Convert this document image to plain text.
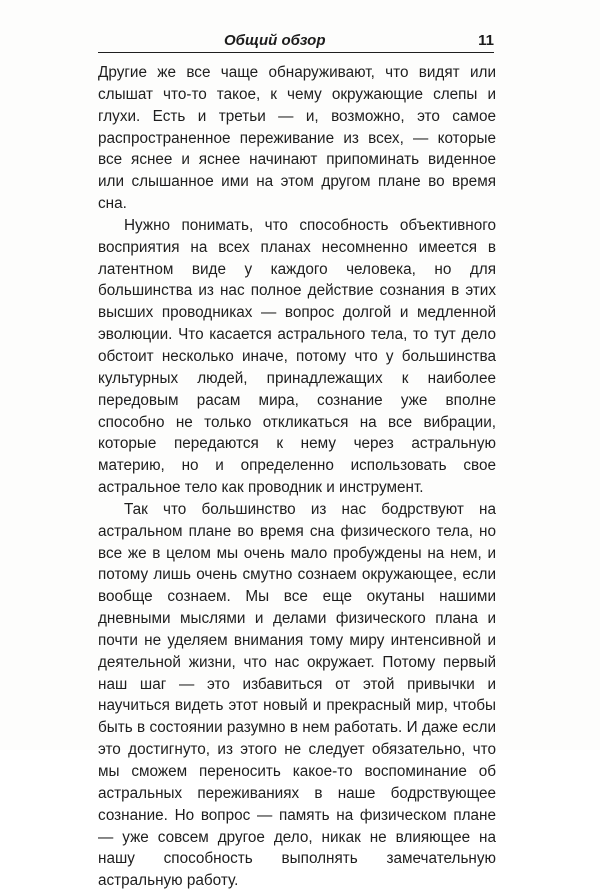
Общий обзор	11

Другие же все чаще обнаруживают, что видят или слышат что-то такое, к чему окружающие слепы и глухи. Есть и третьи — и, возможно, это самое распространенное переживание из всех, — которые все яснее и яснее начинают припоминать виденное или слышанное ими на этом другом плане во время сна.

Нужно понимать, что способность объективного восприятия на всех планах несомненно имеется в латентном виде у каждого человека, но для большинства из нас полное действие сознания в этих высших проводниках — вопрос долгой и медленной эволюции. Что касается астрального тела, то тут дело обстоит несколько иначе, потому что у большинства культурных людей, принадлежащих к наиболее передовым расам мира, сознание уже вполне способно не только откликаться на все вибрации, которые передаются к нему через астральную материю, но и определенно использовать свое астральное тело как проводник и инструмент.

Так что большинство из нас бодрствуют на астральном плане во время сна физического тела, но все же в целом мы очень мало пробуждены на нем, и потому лишь очень смутно сознаем окружающее, если вообще сознаем. Мы все еще окутаны нашими дневными мыслями и делами физического плана и почти не уделяем внимания тому миру интенсивной и деятельной жизни, что нас окружает. Потому первый наш шаг — это избавиться от этой привычки и научиться видеть этот новый и прекрасный мир, чтобы быть в состоянии разумно в нем работать. И даже если это достигнуто, из этого не следует обязательно, что мы сможем переносить какое-то воспоминание об астральных переживаниях в наше бодрствующее сознание. Но вопрос — память на физическом плане — уже совсем другое дело, никак не влияющее на нашу способность выполнять замечательную астральную работу.
